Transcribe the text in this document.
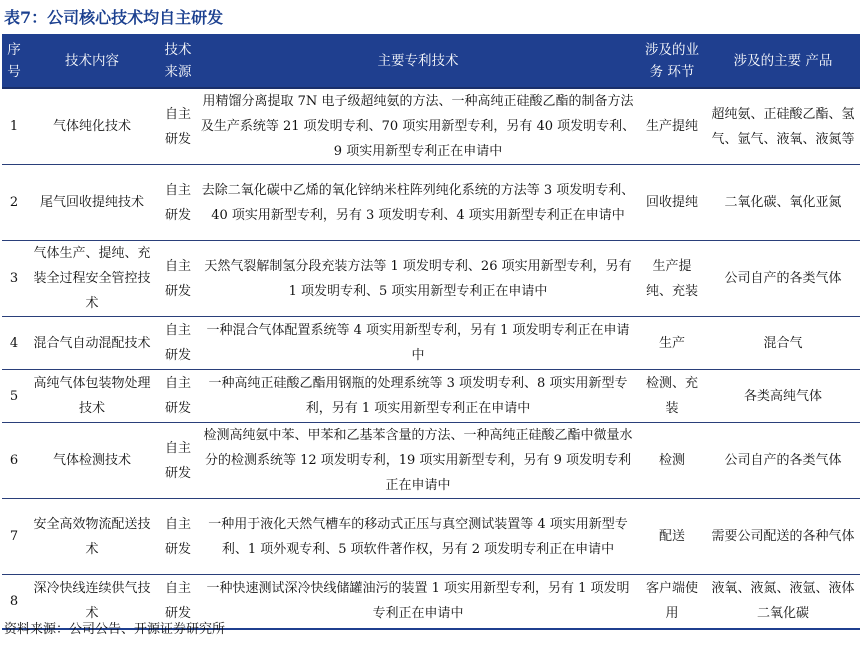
表7：公司核心技术均自主研发
序号	技术内容	技术来源	主要专利技术	涉及的业务 环节	涉及的主要 产品
1	气体纯化技术	自主研发	用精馏分离提取 7N 电子级超纯氨的方法、一种高纯正硅酸乙酯的制备方法及生产系统等 21 项发明专利、70 项实用新型专利，另有 40 项发明专利、9 项实用新型专利正在申请中	生产提纯	超纯氨、正硅酸乙酯、氢气、氩气、液氧、液氮等
2	尾气回收提纯技术	自主研发	去除二氧化碳中乙烯的氧化锌纳米柱阵列纯化系统的方法等 3 项发明专利、40 项实用新型专利，另有 3 项发明专利、4 项实用新型专利正在申请中	回收提纯	二氧化碳、氧化亚氮
3	气体生产、提纯、充装全过程安全管控技术	自主研发	天然气裂解制氢分段充装方法等 1 项发明专利、26 项实用新型专利，另有 1 项发明专利、5 项实用新型专利正在申请中	生产提纯、充装	公司自产的各类气体
4	混合气自动混配技术	自主研发	一种混合气体配置系统等 4 项实用新型专利，另有 1 项发明专利正在申请中	生产	混合气
5	高纯气体包装物处理技术	自主研发	一种高纯正硅酸乙酯用钢瓶的处理系统等 3 项发明专利、8 项实用新型专利，另有 1 项实用新型专利正在申请中	检测、充装	各类高纯气体
6	气体检测技术	自主研发	检测高纯氨中苯、甲苯和乙基苯含量的方法、一种高纯正硅酸乙酯中微量水分的检测系统等 12 项发明专利，19 项实用新型专利，另有 9 项发明专利正在申请中	检测	公司自产的各类气体
7	安全高效物流配送技术	自主研发	一种用于液化天然气槽车的移动式正压与真空测试装置等 4 项实用新型专利、1 项外观专利、5 项软件著作权，另有 2 项发明专利正在申请中	配送	需要公司配送的各种气体
8	深冷快线连续供气技术	自主研发	一种快速测试深冷快线储罐油污的装置 1 项实用新型专利，另有 1 项发明专利正在申请中	客户端使用	液氧、液氮、液氩、液体二氧化碳
资料来源：公司公告、开源证券研究所
